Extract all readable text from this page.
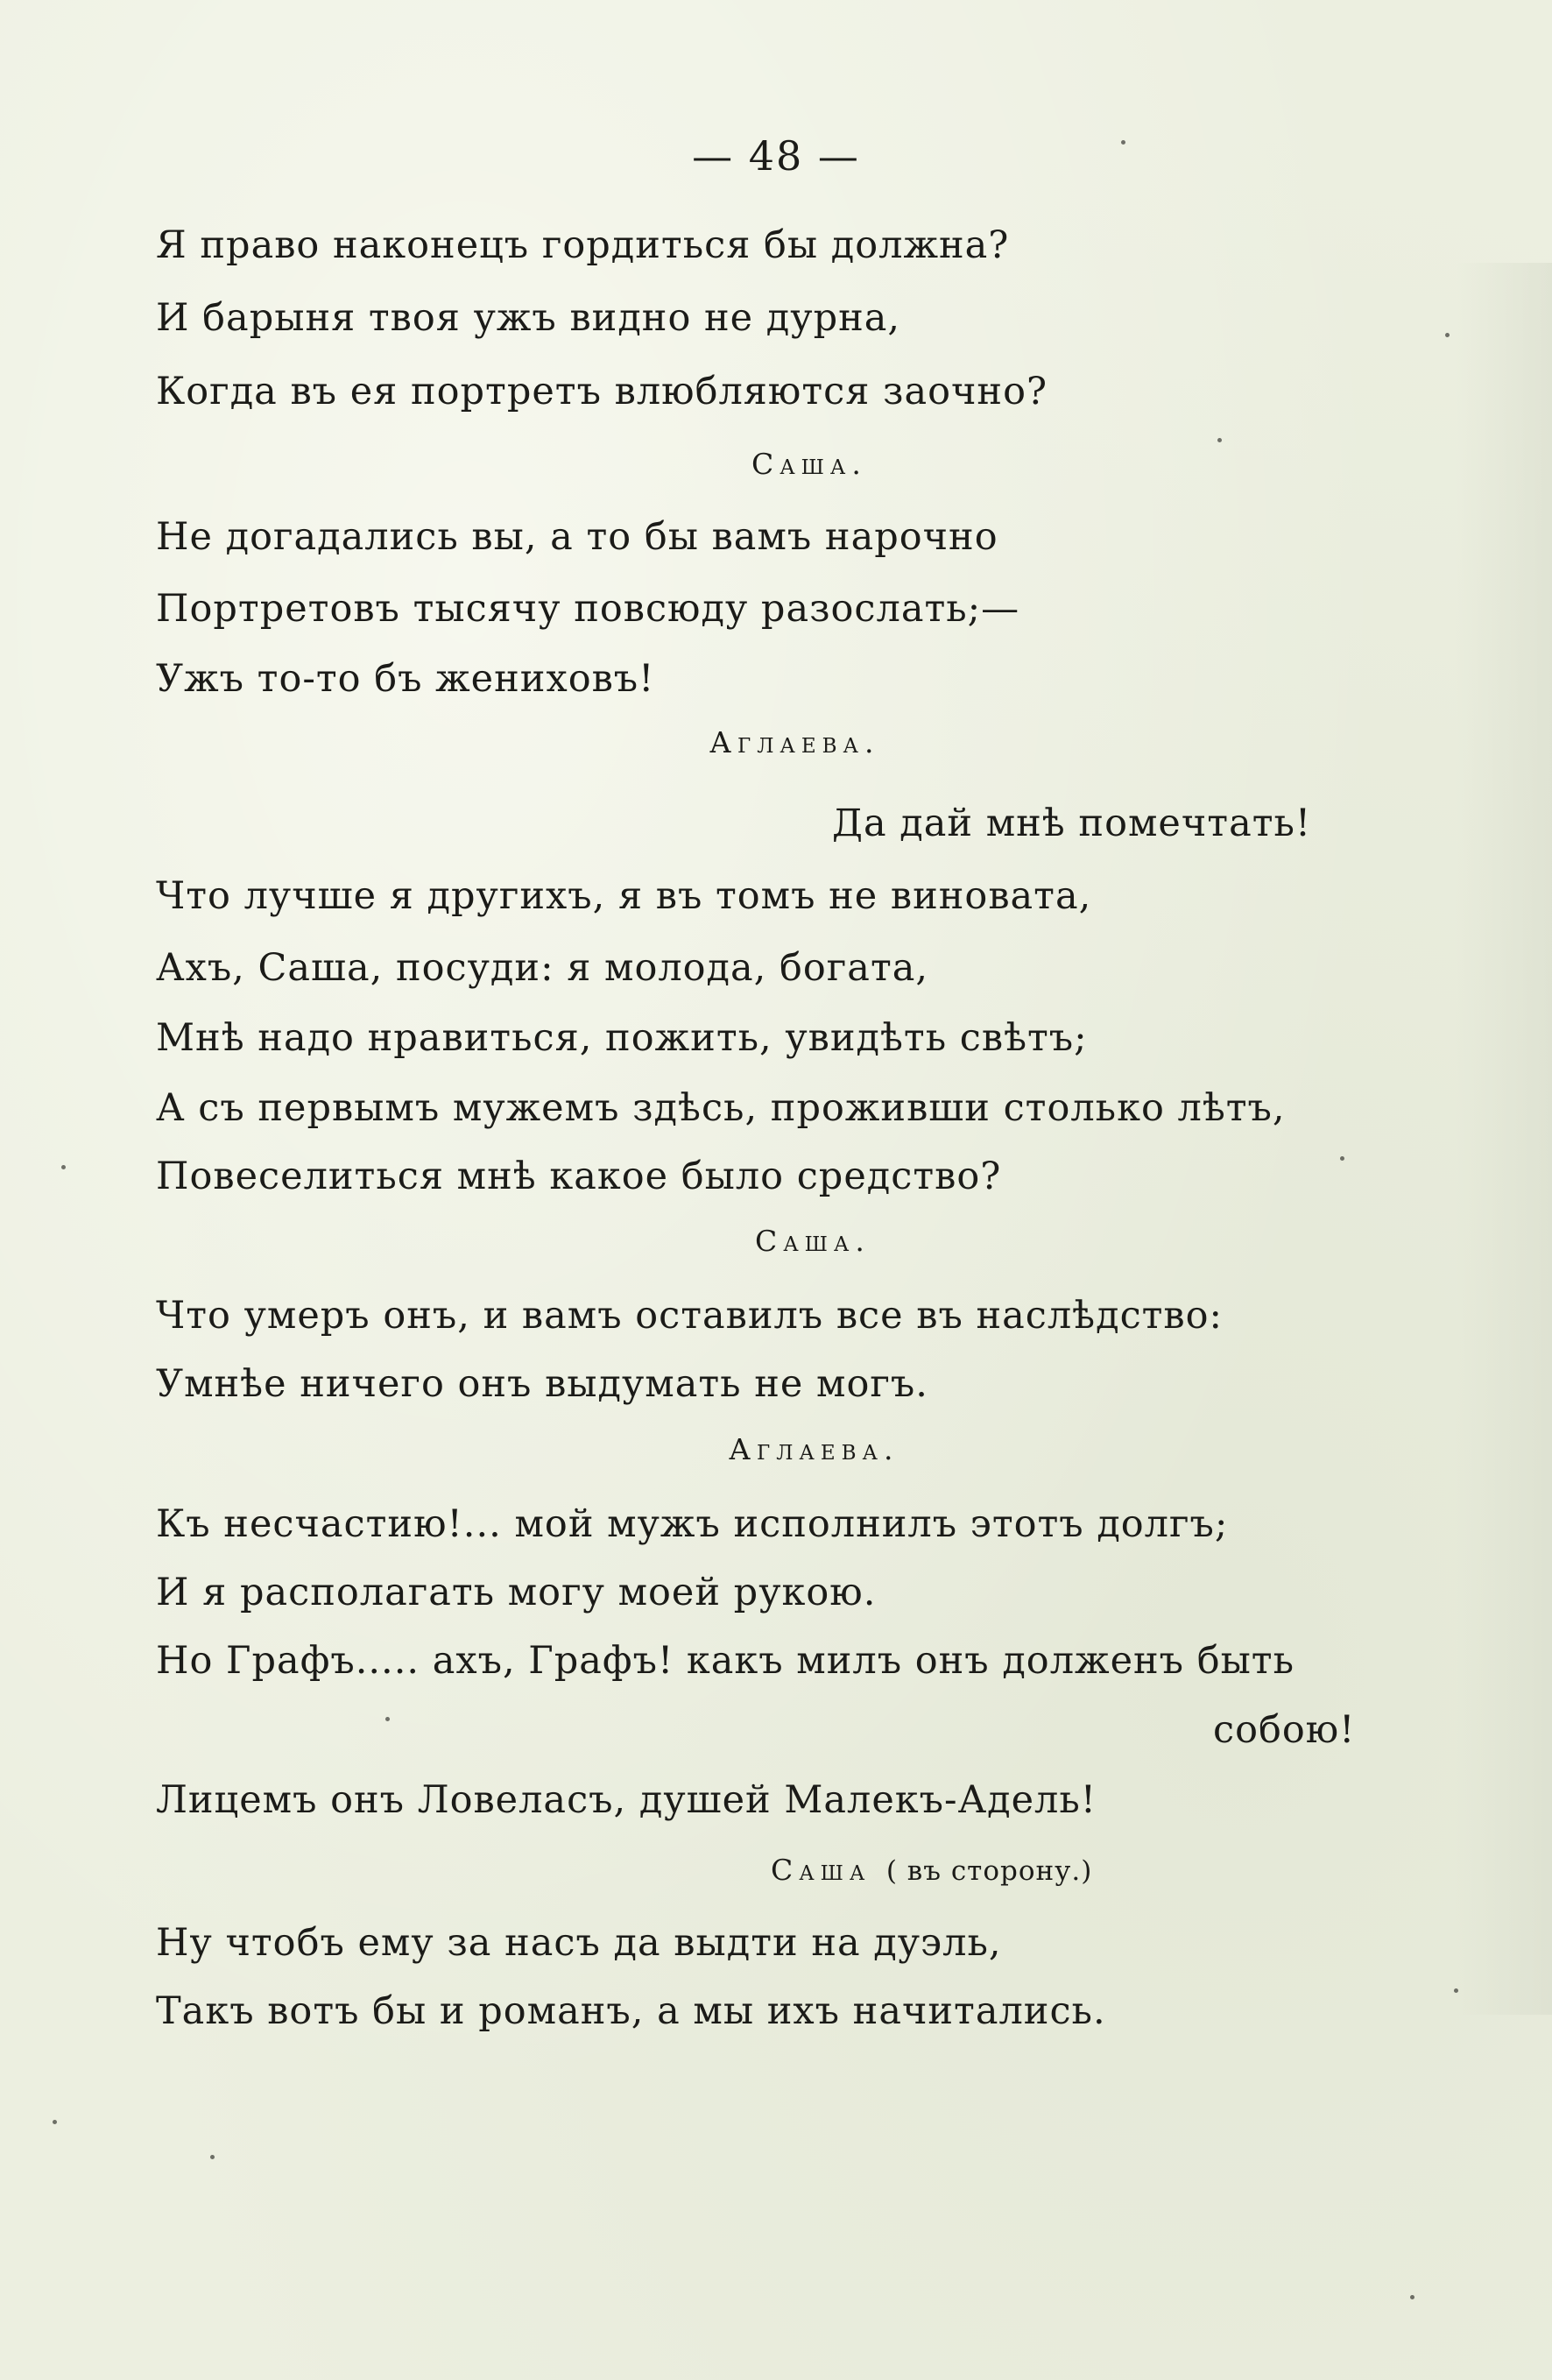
— 48 —
Я право наконецъ гордиться бы должна?
И барыня твоя ужъ видно не дурна,
Когда въ ея портретъ влюбляются заочно?
Саша.
Не догадались вы, а то бы вамъ нарочно
Портретовъ тысячу повсюду разослать;—
Ужъ то-то бъ жениховъ!
Аглаева.
Да дай мнѣ помечтать!
Что лучше я другихъ, я въ томъ не виновата,
Ахъ, Саша, посуди: я молода, богата,
Мнѣ надо нравиться, пожить, увидѣть свѣтъ;
А съ первымъ мужемъ здѣсь, проживши столько лѣтъ,
Повеселиться мнѣ какое было средство?
Саша.
Что умеръ онъ, и вамъ оставилъ все въ наслѣдство:
Умнѣе ничего онъ выдумать не могъ.
Аглаева.
Къ несчастию!... мой мужъ исполнилъ этотъ долгъ;
И я располагать могу моей рукою.
Но Графъ..... ахъ, Графъ! какъ милъ онъ долженъ быть
собою!
Лицемъ онъ Ловеласъ, душей Малекъ-Адель!
Саша ( въ сторону.)
Ну чтобъ ему за насъ да выдти на дуэль,
Такъ вотъ бы и романъ, а мы ихъ начитались.
